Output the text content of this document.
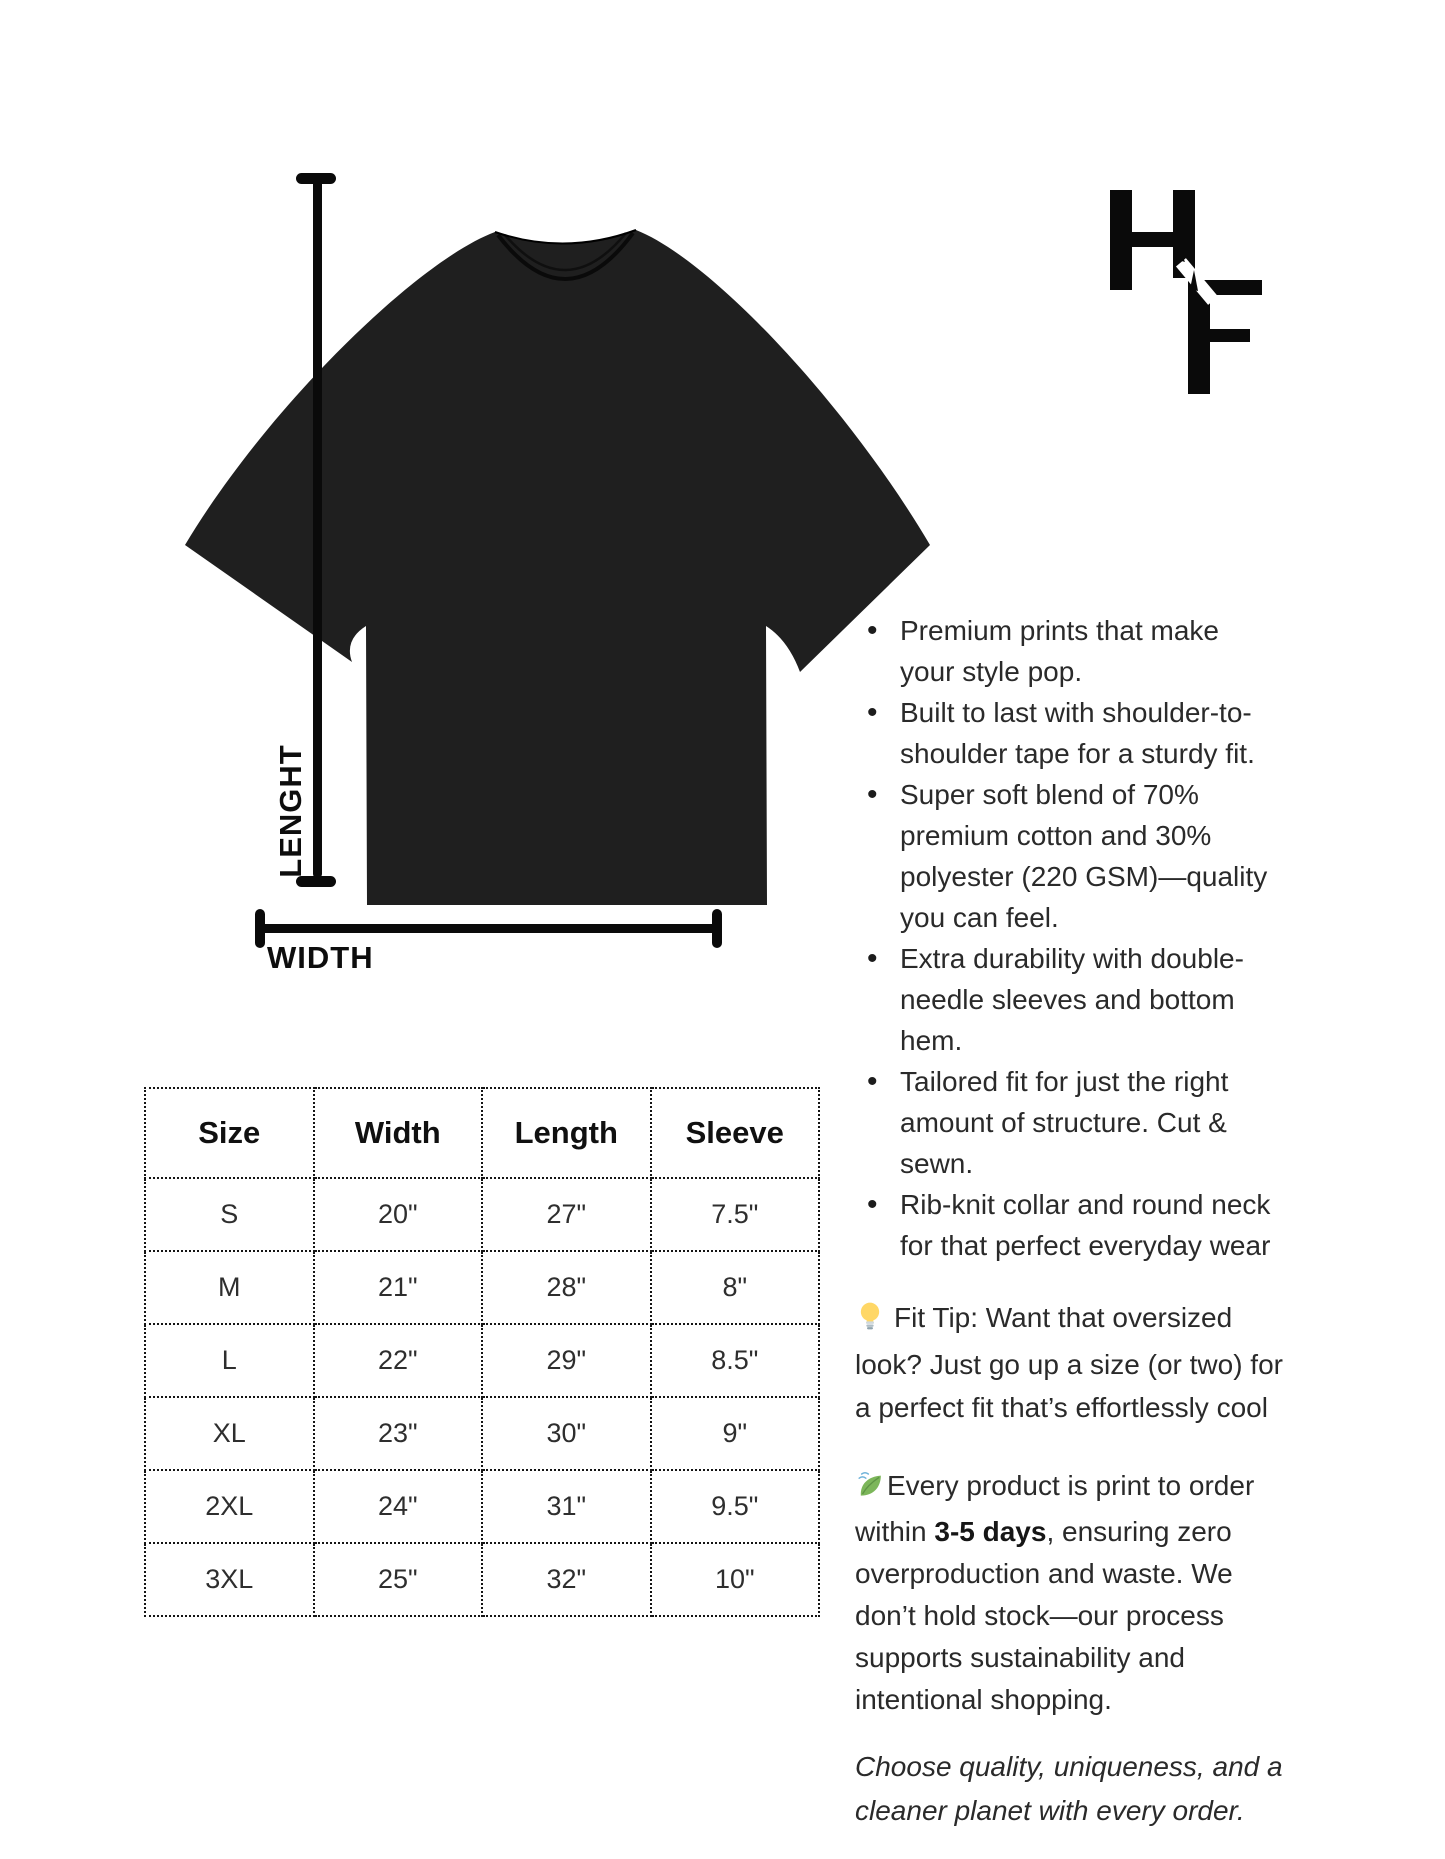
LENGHT
WIDTH
• Premium prints that make
your style pop.
• Built to last with shoulder-to-
shoulder tape for a sturdy fit.
• Super soft blend of 70%
premium cotton and 30%
polyester (220 GSM)—quality
you can feel.
• Extra durability with double-
needle sleeves and bottom
hem.
• Tailored fit for just the right
amount of structure. Cut &
sewn.
• Rib-knit collar and round neck
for that perfect everyday wear
Fit Tip: Want that oversized
look? Just go up a size (or two) for
a perfect fit that’s effortlessly cool
Every product is print to order
within 3-5 days, ensuring zero
overproduction and waste. We
don’t hold stock—our process
supports sustainability and
intentional shopping.
Choose quality, uniqueness, and a
cleaner planet with every order.
Size	Width	Length	Sleeve
S	20"	27"	7.5"
M	21"	28"	8"
L	22"	29"	8.5"
XL	23"	30"	9"
2XL	24"	31"	9.5"
3XL	25"	32"	10"
